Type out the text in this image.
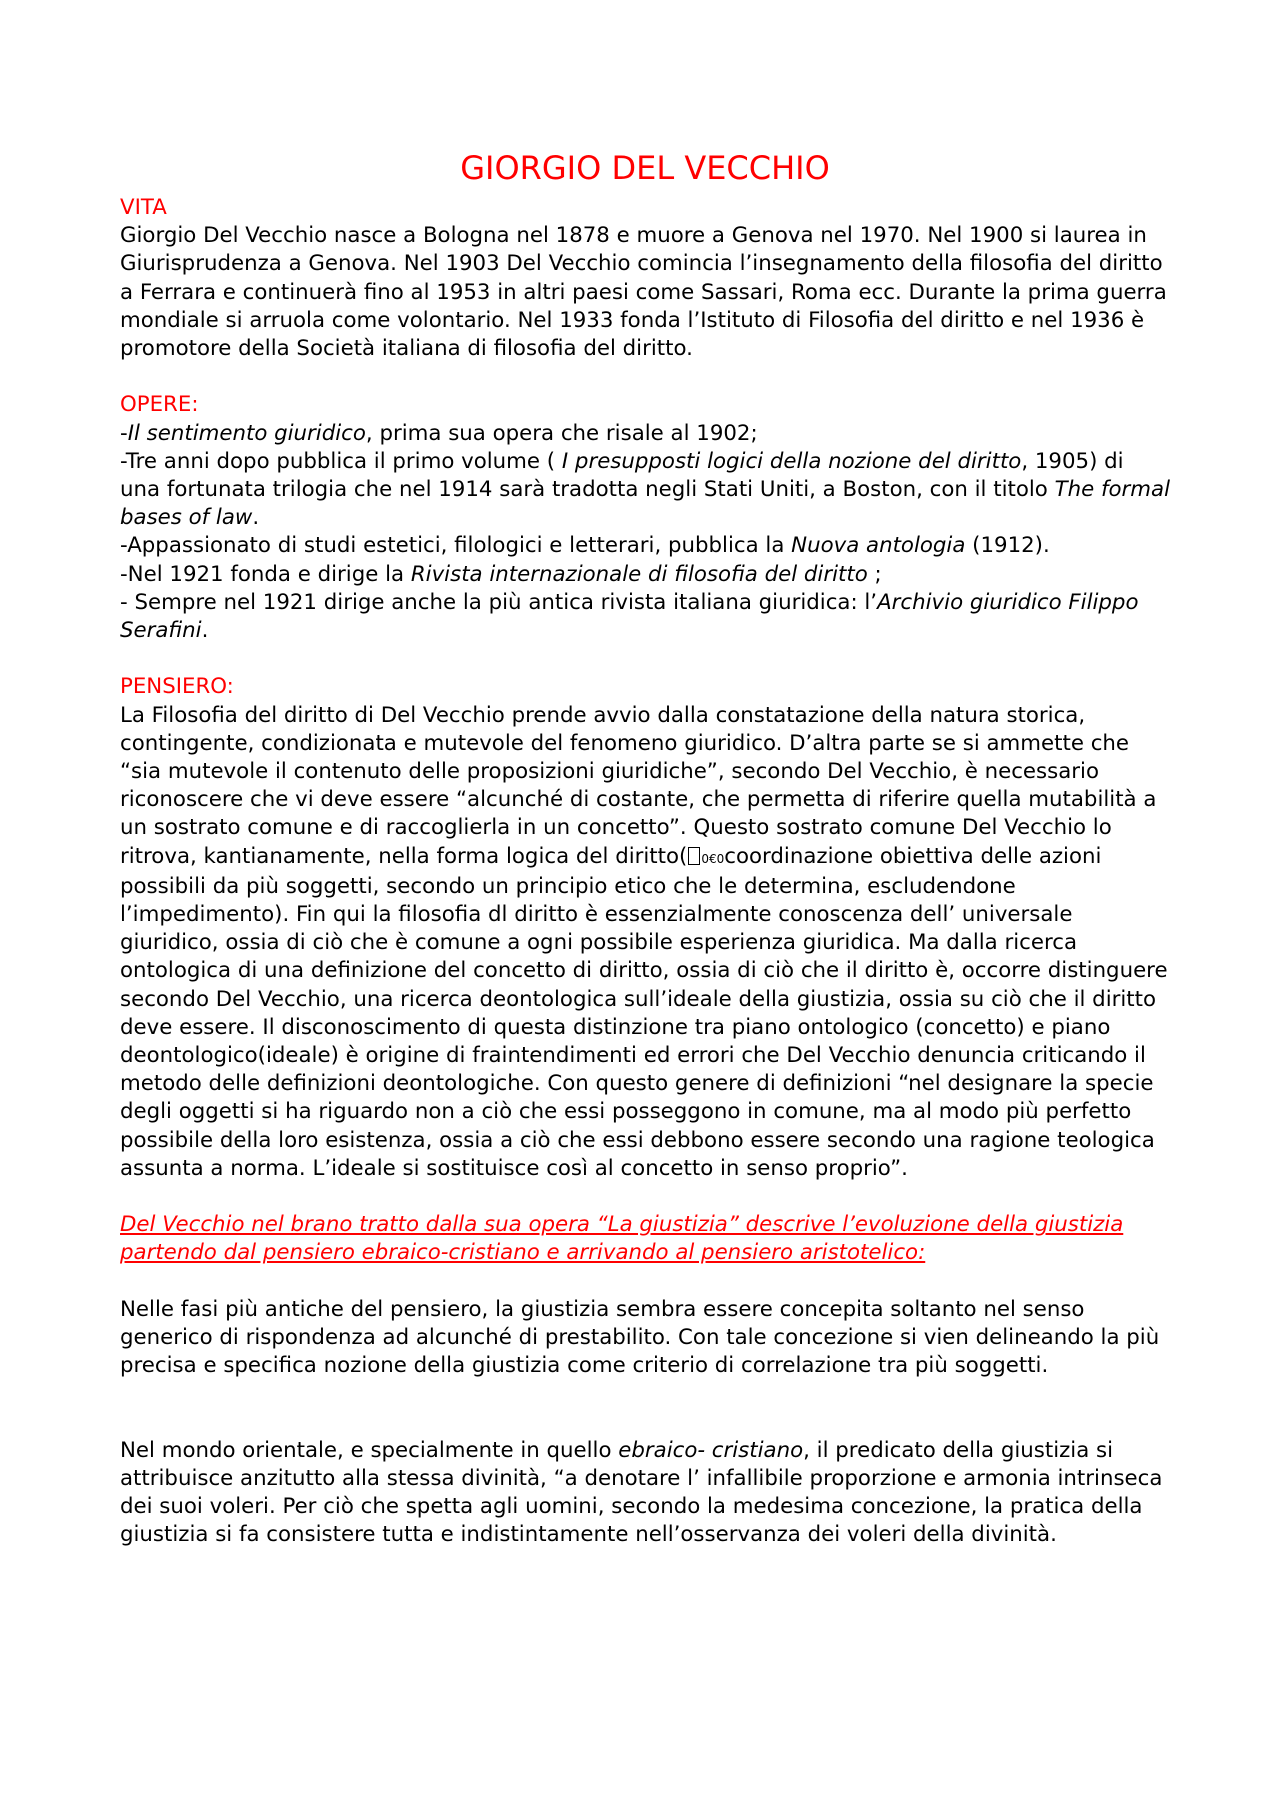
GIORGIO DEL VECCHIO
VITA

Giorgio Del Vecchio nasce a Bologna nel 1878 e muore a Genova nel 1970. Nel 1900 si laurea in Giurisprudenza a Genova. Nel 1903 Del Vecchio comincia l’insegnamento della filosofia del diritto a Ferrara e continuerà fino al 1953 in altri paesi come Sassari, Roma ecc. Durante la prima guerra mondiale si arruola come volontario. Nel 1933 fonda l’Istituto di Filosofia del diritto e nel 1936 è promotore della Società italiana di filosofia del diritto.

OPERE:

-Il sentimento giuridico, prima sua opera che risale al 1902;

-Tre anni dopo pubblica il primo volume ( I presupposti logici della nozione del diritto, 1905) di una fortunata trilogia che nel 1914 sarà tradotta negli Stati Uniti, a Boston, con il titolo The formal bases of law.

-Appassionato di studi estetici, filologici e letterari, pubblica la Nuova antologia (1912).

-Nel 1921 fonda e dirige la Rivista internazionale di filosofia del diritto ;

- Sempre nel 1921 dirige anche la più antica rivista italiana giuridica: l’Archivio giuridico Filippo Serafini.

PENSIERO:

La Filosofia del diritto di Del Vecchio prende avvio dalla constatazione della natura storica, contingente, condizionata e mutevole del fenomeno giuridico. D’altra parte se si ammette che “sia mutevole il contenuto delle proposizioni giuridiche”, secondo Del Vecchio, è necessario riconoscere che vi deve essere “alcunché di costante, che permetta di riferire quella mutabilità a un sostrato comune e di raccoglierla in un concetto”. Questo sostrato comune Del Vecchio lo ritrova, kantianamente, nella forma logica del diritto( 0€0coordinazione obiettiva delle azioni possibili da più soggetti, secondo un principio etico che le determina, escludendone l’impedimento). Fin qui la filosofia dl diritto è essenzialmente conoscenza dell’ universale giuridico, ossia di ciò che è comune a ogni possibile esperienza giuridica. Ma dalla ricerca ontologica di una definizione del concetto di diritto, ossia di ciò che il diritto è, occorre distinguere secondo Del Vecchio, una ricerca deontologica sull’ideale della giustizia, ossia su ciò che il diritto deve essere. Il disconoscimento di questa distinzione tra piano ontologico (concetto) e piano deontologico(ideale) è origine di fraintendimenti ed errori che Del Vecchio denuncia criticando il metodo delle definizioni deontologiche. Con questo genere di definizioni “nel designare la specie degli oggetti si ha riguardo non a ciò che essi posseggono in comune, ma al modo più perfetto possibile della loro esistenza, ossia a ciò che essi debbono essere secondo una ragione teologica assunta a norma. L’ideale si sostituisce così al concetto in senso proprio”.

Del Vecchio nel brano tratto dalla sua opera “La giustizia” descrive l’evoluzione della giustizia partendo dal pensiero ebraico-cristiano e arrivando al pensiero aristotelico:

Nelle fasi più antiche del pensiero, la giustizia sembra essere concepita soltanto nel senso generico di rispondenza ad alcunché di prestabilito. Con tale concezione si vien delineando la più precisa e specifica nozione della giustizia come criterio di correlazione tra più soggetti.

Nel mondo orientale, e specialmente in quello ebraico- cristiano, il predicato della giustizia si attribuisce anzitutto alla stessa divinità, “a denotare l’ infallibile proporzione e armonia intrinseca dei suoi voleri. Per ciò che spetta agli uomini, secondo la medesima concezione, la pratica della giustizia si fa consistere tutta e indistintamente nell’osservanza dei voleri della divinità.
